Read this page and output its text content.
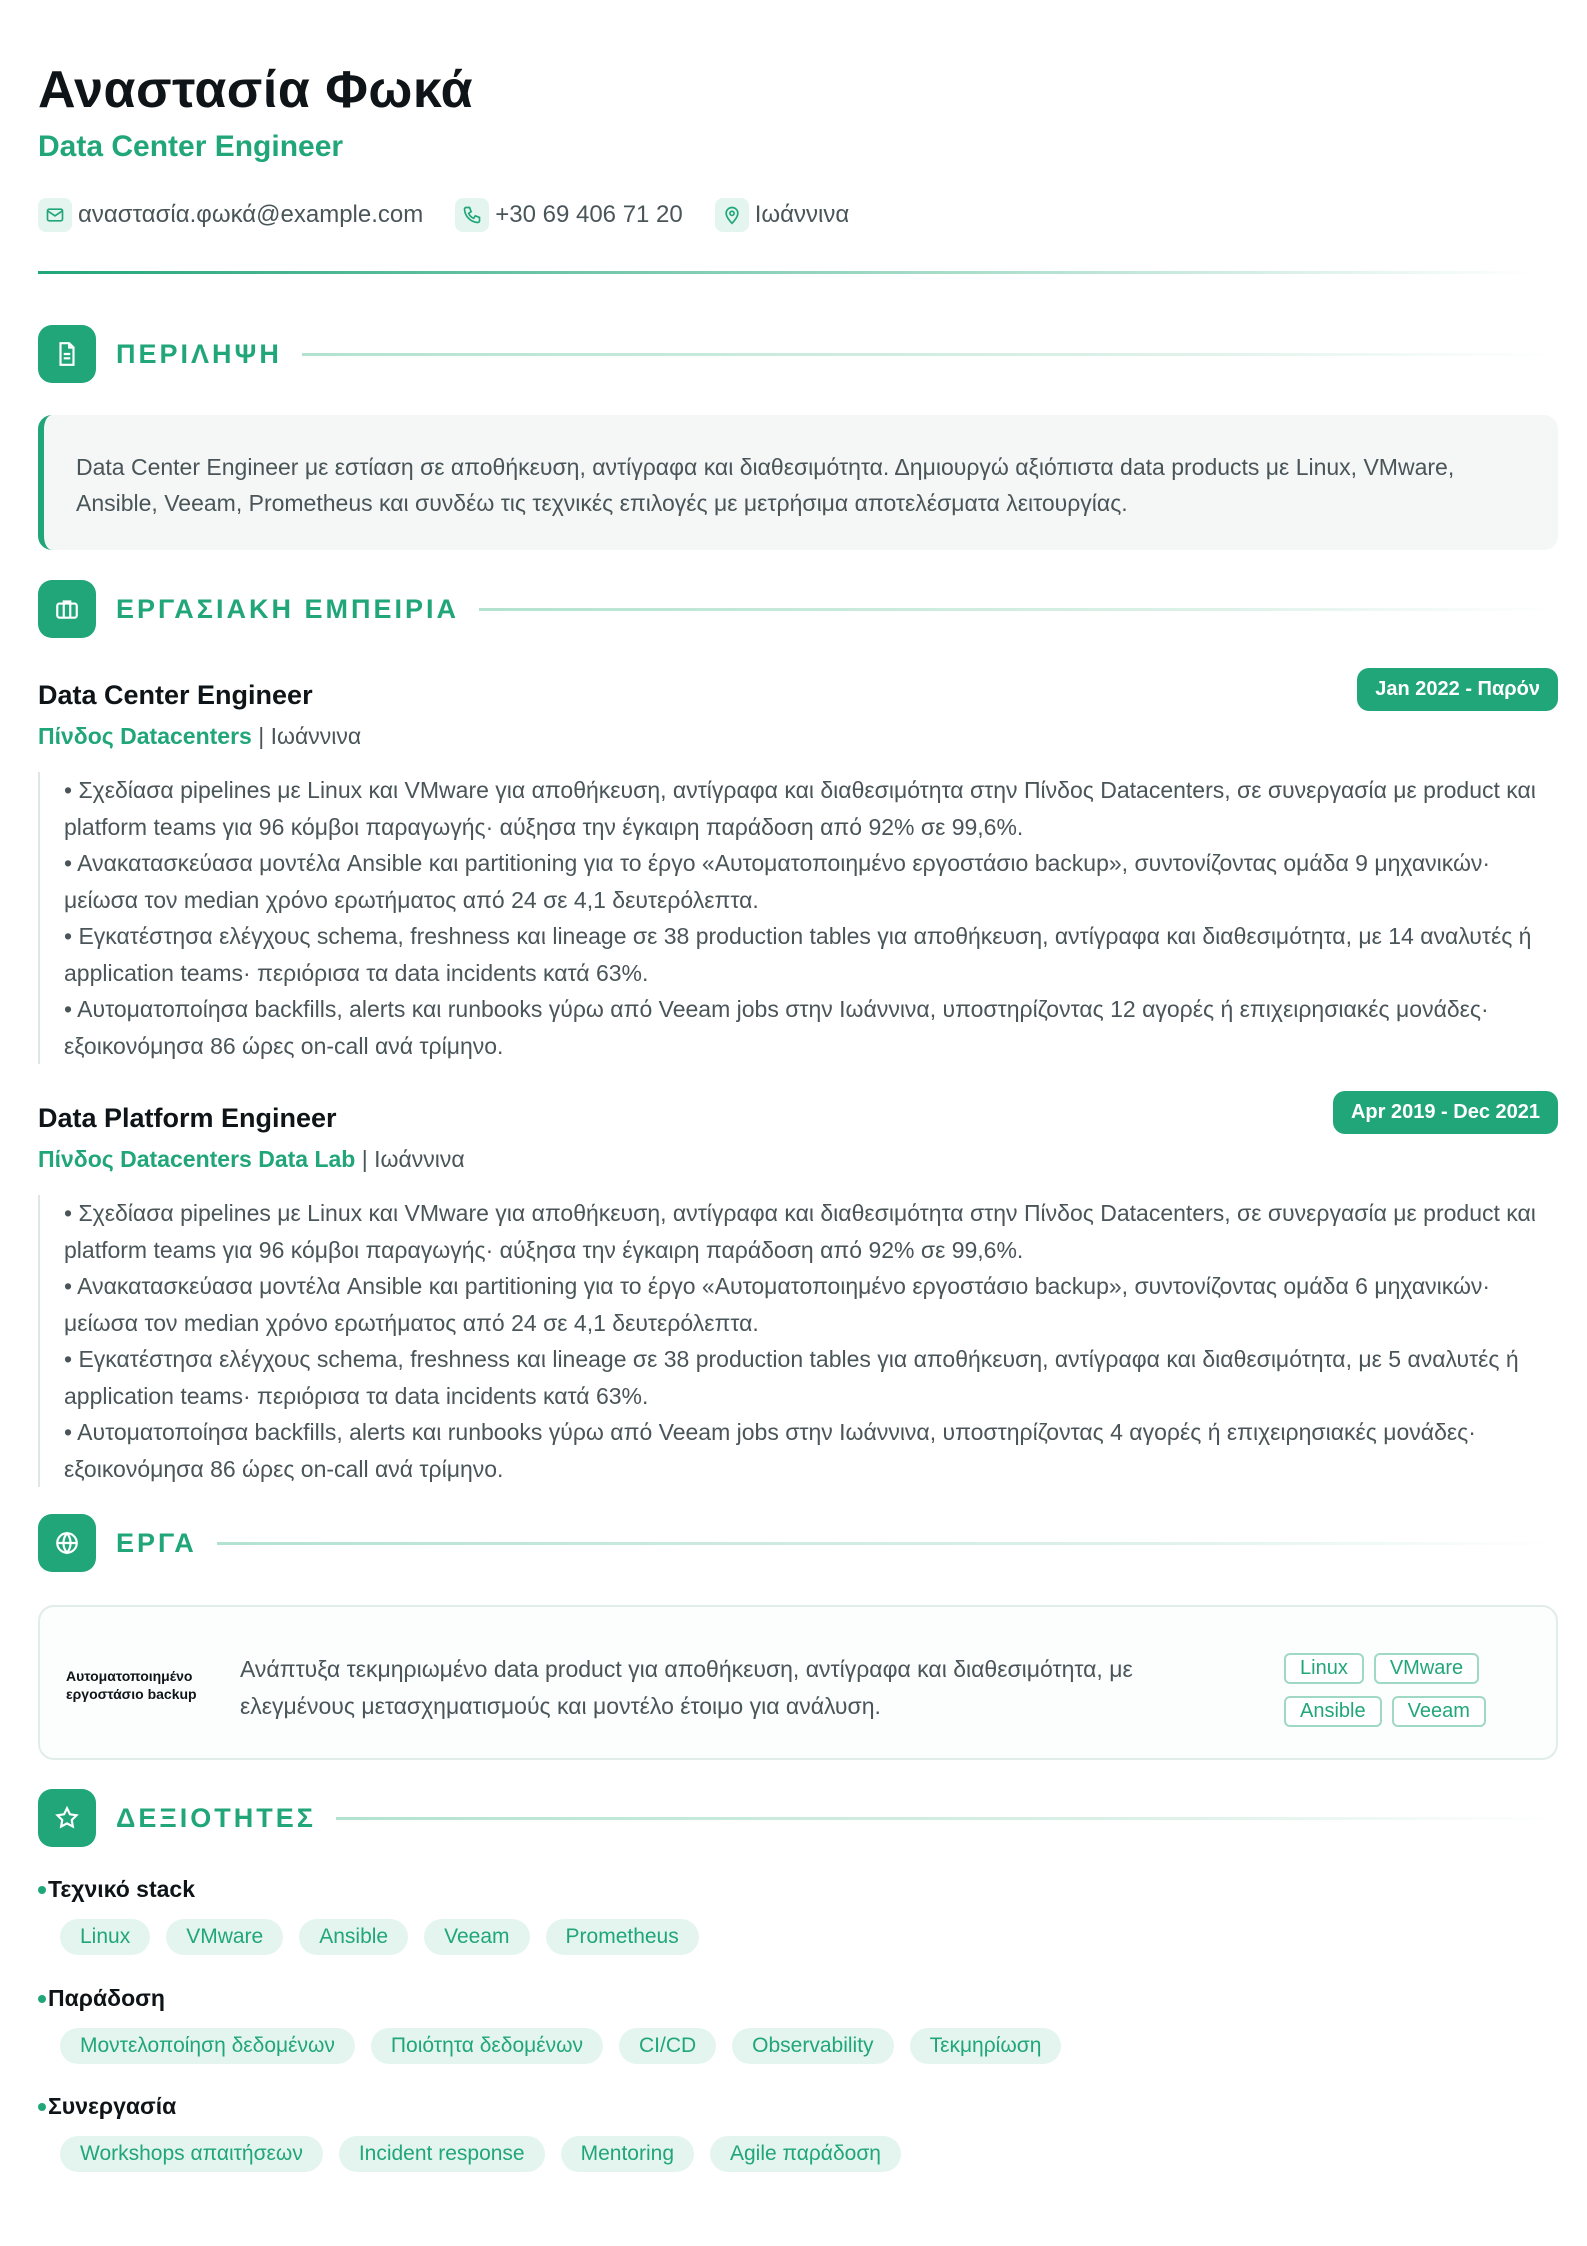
Αναστασία Φωκά
Data Center Engineer
αναστασία.φωκά@example.com	+30 69 406 71 20	Ιωάννινα
ΠΕΡΙΛΗΨΗ
Data Center Engineer με εστίαση σε αποθήκευση, αντίγραφα και διαθεσιμότητα. Δημιουργώ αξιόπιστα data products με Linux, VMware, Ansible, Veeam, Prometheus και συνδέω τις τεχνικές επιλογές με μετρήσιμα αποτελέσματα λειτουργίας.
ΕΡΓΑΣΙΑΚΗ ΕΜΠΕΙΡΙΑ
Data Center Engineer	Jan 2022 - Παρόν
Πίνδος Datacenters | Ιωάννινα
• Σχεδίασα pipelines με Linux και VMware για αποθήκευση, αντίγραφα και διαθεσιμότητα στην Πίνδος Datacenters, σε συνεργασία με product και platform teams για 96 κόμβοι παραγωγής· αύξησα την έγκαιρη παράδοση από 92% σε 99,6%.
• Ανακατασκεύασα μοντέλα Ansible και partitioning για το έργο «Αυτοματοποιημένο εργοστάσιο backup», συντονίζοντας ομάδα 9 μηχανικών· μείωσα τον median χρόνο ερωτήματος από 24 σε 4,1 δευτερόλεπτα.
• Εγκατέστησα ελέγχους schema, freshness και lineage σε 38 production tables για αποθήκευση, αντίγραφα και διαθεσιμότητα, με 14 αναλυτές ή application teams· περιόρισα τα data incidents κατά 63%.
• Αυτοματοποίησα backfills, alerts και runbooks γύρω από Veeam jobs στην Ιωάννινα, υποστηρίζοντας 12 αγορές ή επιχειρησιακές μονάδες· εξοικονόμησα 86 ώρες on-call ανά τρίμηνο.
Data Platform Engineer	Apr 2019 - Dec 2021
Πίνδος Datacenters Data Lab | Ιωάννινα
• Σχεδίασα pipelines με Linux και VMware για αποθήκευση, αντίγραφα και διαθεσιμότητα στην Πίνδος Datacenters, σε συνεργασία με product και platform teams για 96 κόμβοι παραγωγής· αύξησα την έγκαιρη παράδοση από 92% σε 99,6%.
• Ανακατασκεύασα μοντέλα Ansible και partitioning για το έργο «Αυτοματοποιημένο εργοστάσιο backup», συντονίζοντας ομάδα 6 μηχανικών· μείωσα τον median χρόνο ερωτήματος από 24 σε 4,1 δευτερόλεπτα.
• Εγκατέστησα ελέγχους schema, freshness και lineage σε 38 production tables για αποθήκευση, αντίγραφα και διαθεσιμότητα, με 5 αναλυτές ή application teams· περιόρισα τα data incidents κατά 63%.
• Αυτοματοποίησα backfills, alerts και runbooks γύρω από Veeam jobs στην Ιωάννινα, υποστηρίζοντας 4 αγορές ή επιχειρησιακές μονάδες· εξοικονόμησα 86 ώρες on-call ανά τρίμηνο.
ΕΡΓΑ
Αυτοματοποιημένο εργοστάσιο backup
Ανάπτυξα τεκμηριωμένο data product για αποθήκευση, αντίγραφα και διαθεσιμότητα, με ελεγμένους μετασχηματισμούς και μοντέλο έτοιμο για ανάλυση.
Linux	VMware
Ansible	Veeam
ΔΕΞΙΟΤΗΤΕΣ
Τεχνικό stack
Linux	VMware	Ansible	Veeam	Prometheus
Παράδοση
Μοντελοποίηση δεδομένων	Ποιότητα δεδομένων	CI/CD	Observability	Τεκμηρίωση
Συνεργασία
Workshops απαιτήσεων	Incident response	Mentoring	Agile παράδοση
